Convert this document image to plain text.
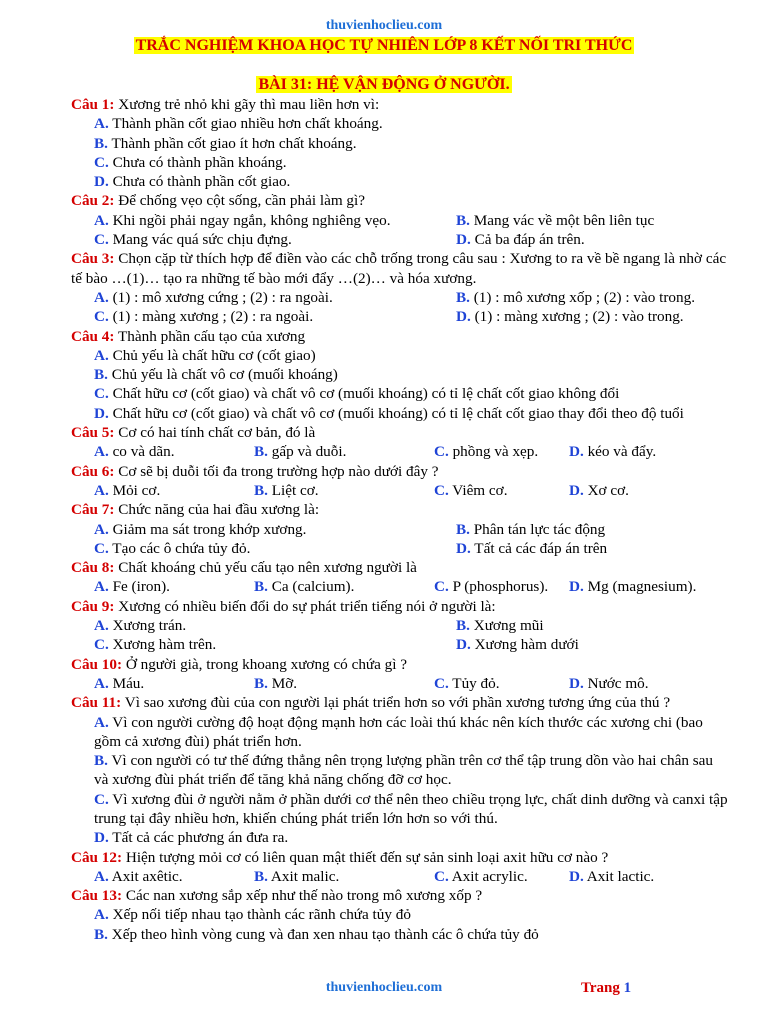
thuvienhoclieu.com
TRẮC NGHIỆM KHOA HỌC TỰ NHIÊN LỚP 8 KẾT NỐI TRI THỨC
BÀI 31: HỆ VẬN ĐỘNG Ở NGƯỜI.
Câu 1: Xương trẻ nhỏ khi gãy thì mau liền hơn vì:
A. Thành phần cốt giao nhiều hơn chất khoáng.
B. Thành phần cốt giao ít hơn chất khoáng.
C. Chưa có thành phần khoáng.
D. Chưa có thành phần cốt giao.
Câu 2: Để chống vẹo cột sống, cần phải làm gì?
A. Khi ngồi phải ngay ngắn, không nghiêng vẹo.	B. Mang vác về một bên liên tục
C. Mang vác quá sức chịu đựng.	D. Cả ba đáp án trên.
Câu 3: Chọn cặp từ thích hợp để điền vào các chỗ trống trong câu sau : Xương to ra về bề ngang là nhờ các tế bào …(1)… tạo ra những tế bào mới đẩy …(2)… và hóa xương.
A. (1) : mô xương cứng ; (2) : ra ngoài.	B. (1) : mô xương xốp ; (2) : vào trong.
C. (1) : màng xương ; (2) : ra ngoài.	D. (1) : màng xương ; (2) : vào trong.
Câu 4: Thành phần cấu tạo của xương
A. Chủ yếu là chất hữu cơ (cốt giao)
B. Chủ yếu là chất vô cơ (muối khoáng)
C. Chất hữu cơ (cốt giao) và chất vô cơ (muối khoáng) có tỉ lệ chất cốt giao không đổi
D. Chất hữu cơ (cốt giao) và chất vô cơ (muối khoáng) có tỉ lệ chất cốt giao thay đổi theo độ tuổi
Câu 5: Cơ có hai tính chất cơ bản, đó là
A. co và dãn.	B. gấp và duỗi.	C. phồng và xẹp.	D. kéo và đẩy.
Câu 6: Cơ sẽ bị duỗi tối đa trong trường hợp nào dưới đây ?
A. Mỏi cơ.	B. Liệt cơ.	C. Viêm cơ.	D. Xơ cơ.
Câu 7: Chức năng của hai đầu xương là:
A. Giảm ma sát trong khớp xương.	B. Phân tán lực tác động
C. Tạo các ô chứa tủy đỏ.	D. Tất cả các đáp án trên
Câu 8: Chất khoáng chủ yếu cấu tạo nên xương người là
A. Fe (iron).	B. Ca (calcium).	C. P (phosphorus).	D. Mg (magnesium).
Câu 9: Xương có nhiều biến đổi do sự phát triển tiếng nói ở người là:
A. Xương trán.	B. Xương mũi
C. Xương hàm trên.	D. Xương hàm dưới
Câu 10: Ở người già, trong khoang xương có chứa gì ?
A. Máu.	B. Mỡ.	C. Tủy đỏ.	D. Nước mô.
Câu 11: Vì sao xương đùi của con người lại phát triển hơn so với phần xương tương ứng của thú ?
A. Vì con người cường độ hoạt động mạnh hơn các loài thú khác nên kích thước các xương chi (bao gồm cả xương đùi) phát triển hơn.
B. Vì con người có tư thế đứng thẳng nên trọng lượng phần trên cơ thể tập trung dồn vào hai chân sau và xương đùi phát triển để tăng khả năng chống đỡ cơ học.
C. Vì xương đùi ở người nằm ở phần dưới cơ thể nên theo chiều trọng lực, chất dinh dưỡng và canxi tập trung tại đây nhiều hơn, khiến chúng phát triển lớn hơn so với thú.
D. Tất cả các phương án đưa ra.
Câu 12: Hiện tượng mỏi cơ có liên quan mật thiết đến sự sản sinh loại axit hữu cơ nào ?
A. Axit axêtic.	B. Axit malic.	C. Axit acrylic.	D. Axit lactic.
Câu 13: Các nan xương sắp xếp như thế nào trong mô xương xốp ?
A. Xếp nối tiếp nhau tạo thành các rãnh chứa tủy đỏ
B. Xếp theo hình vòng cung và đan xen nhau tạo thành các ô chứa tủy đỏ
thuvienhoclieu.com	Trang 1
